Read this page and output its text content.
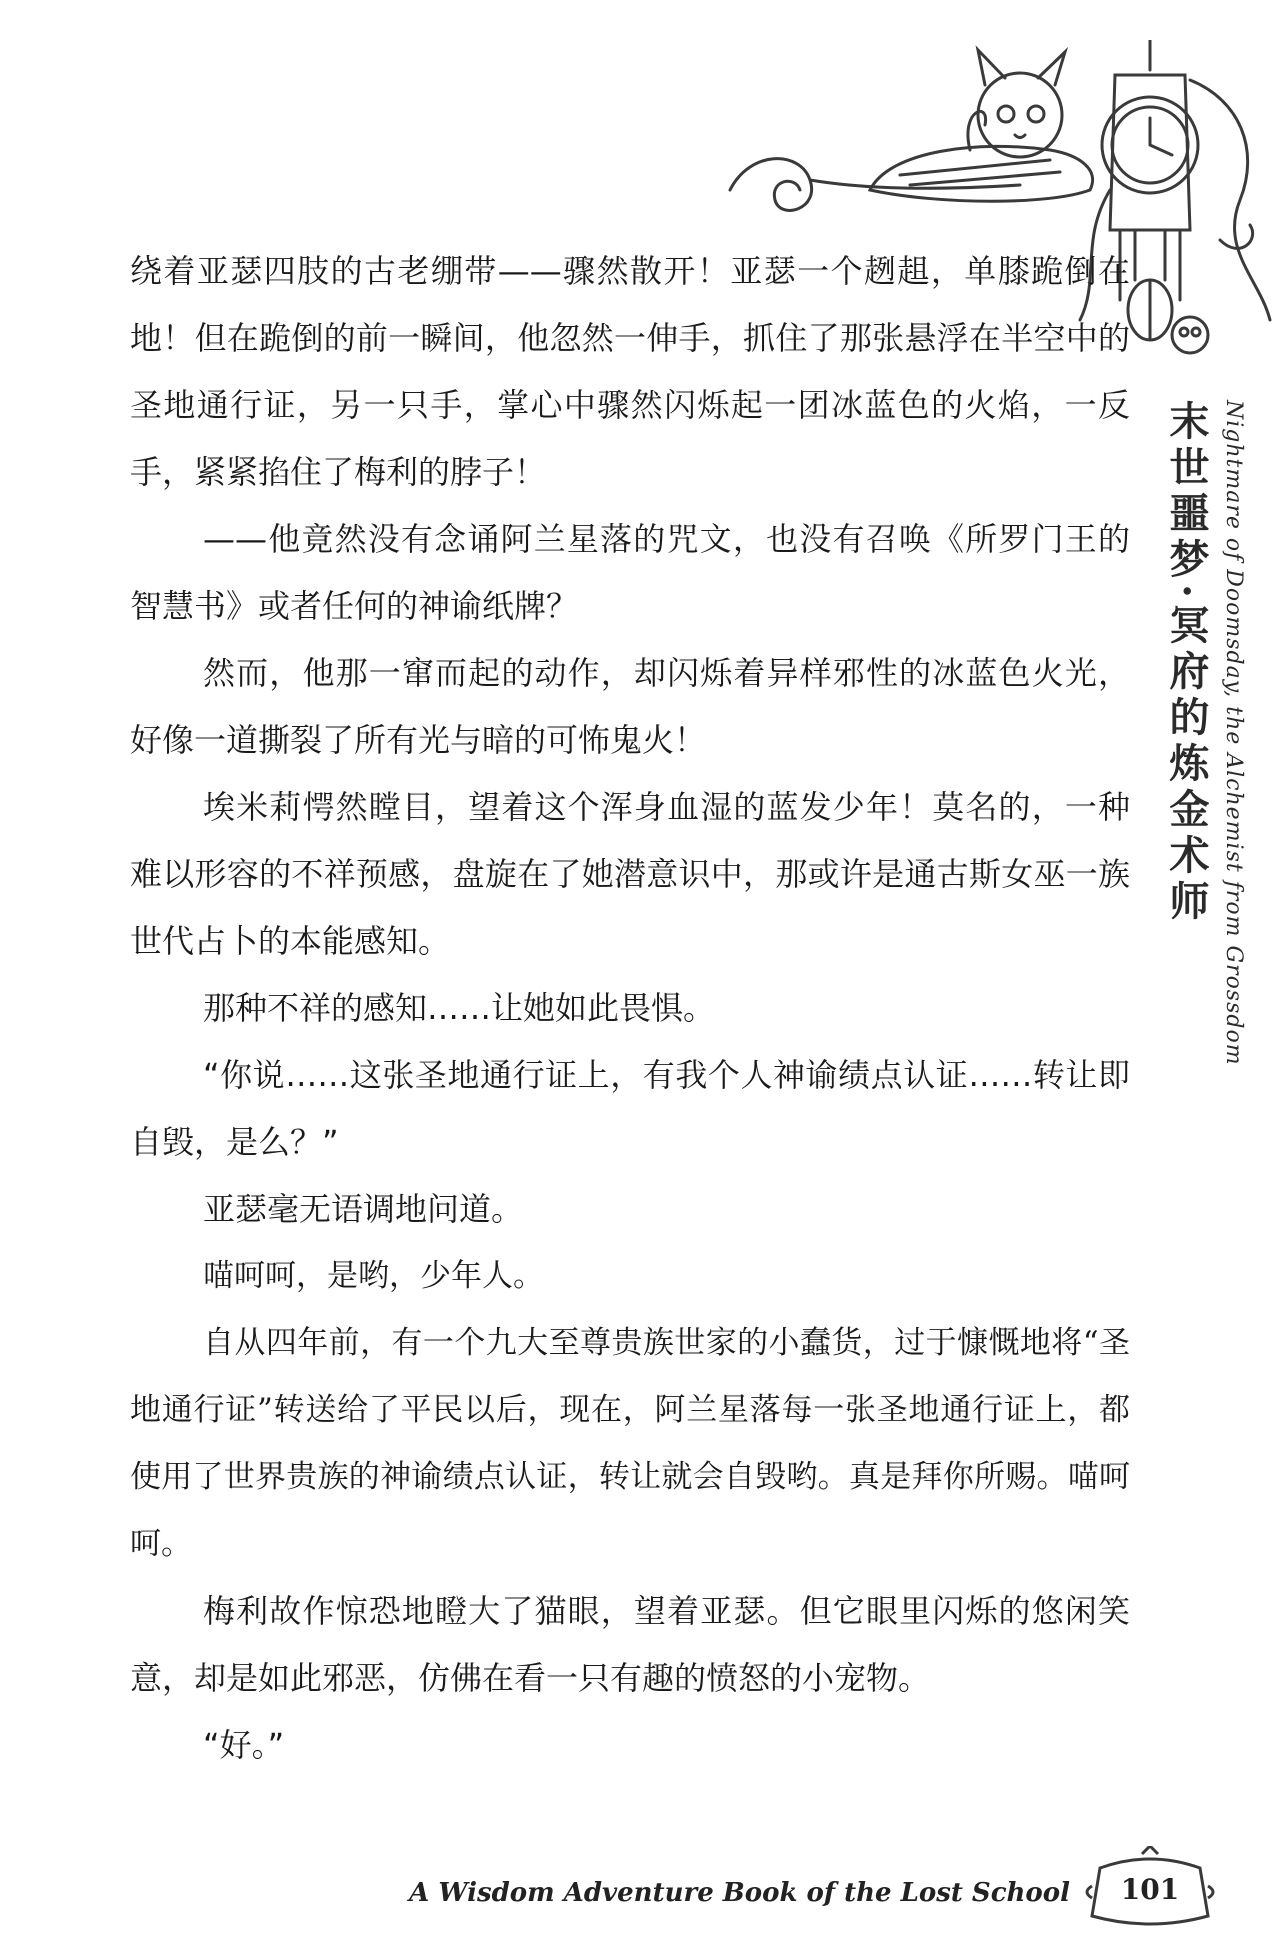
末世噩梦·冥府的炼金术师 Nightmare of Doomsday, the Alchemist from Grossdom

绕着亚瑟四肢的古老绷带——骤然散开！亚瑟一个趔趄，单膝跪倒在地！但在跪倒的前一瞬间，他忽然一伸手，抓住了那张悬浮在半空中的圣地通行证，另一只手，掌心中骤然闪烁起一团冰蓝色的火焰，一反手，紧紧掐住了梅利的脖子！

——他竟然没有念诵阿兰星落的咒文，也没有召唤《所罗门王的智慧书》或者任何的神谕纸牌？

然而，他那一窜而起的动作，却闪烁着异样邪性的冰蓝色火光，好像一道撕裂了所有光与暗的可怖鬼火！

埃米莉愕然瞠目，望着这个浑身血湿的蓝发少年！莫名的，一种难以形容的不祥预感，盘旋在了她潜意识中，那或许是通古斯女巫一族世代占卜的本能感知。

那种不祥的感知……让她如此畏惧。

“你说……这张圣地通行证上，有我个人神谕绩点认证……转让即自毁，是么？”

亚瑟毫无语调地问道。

喵呵呵，是哟，少年人。

自从四年前，有一个九大至尊贵族世家的小蠢货，过于慷慨地将“圣地通行证”转送给了平民以后，现在，阿兰星落每一张圣地通行证上，都使用了世界贵族的神谕绩点认证，转让就会自毁哟。真是拜你所赐。喵呵呵。

梅利故作惊恐地瞪大了猫眼，望着亚瑟。但它眼里闪烁的悠闲笑意，却是如此邪恶，仿佛在看一只有趣的愤怒的小宠物。

“好。”

A Wisdom Adventure Book of the Lost School	101
